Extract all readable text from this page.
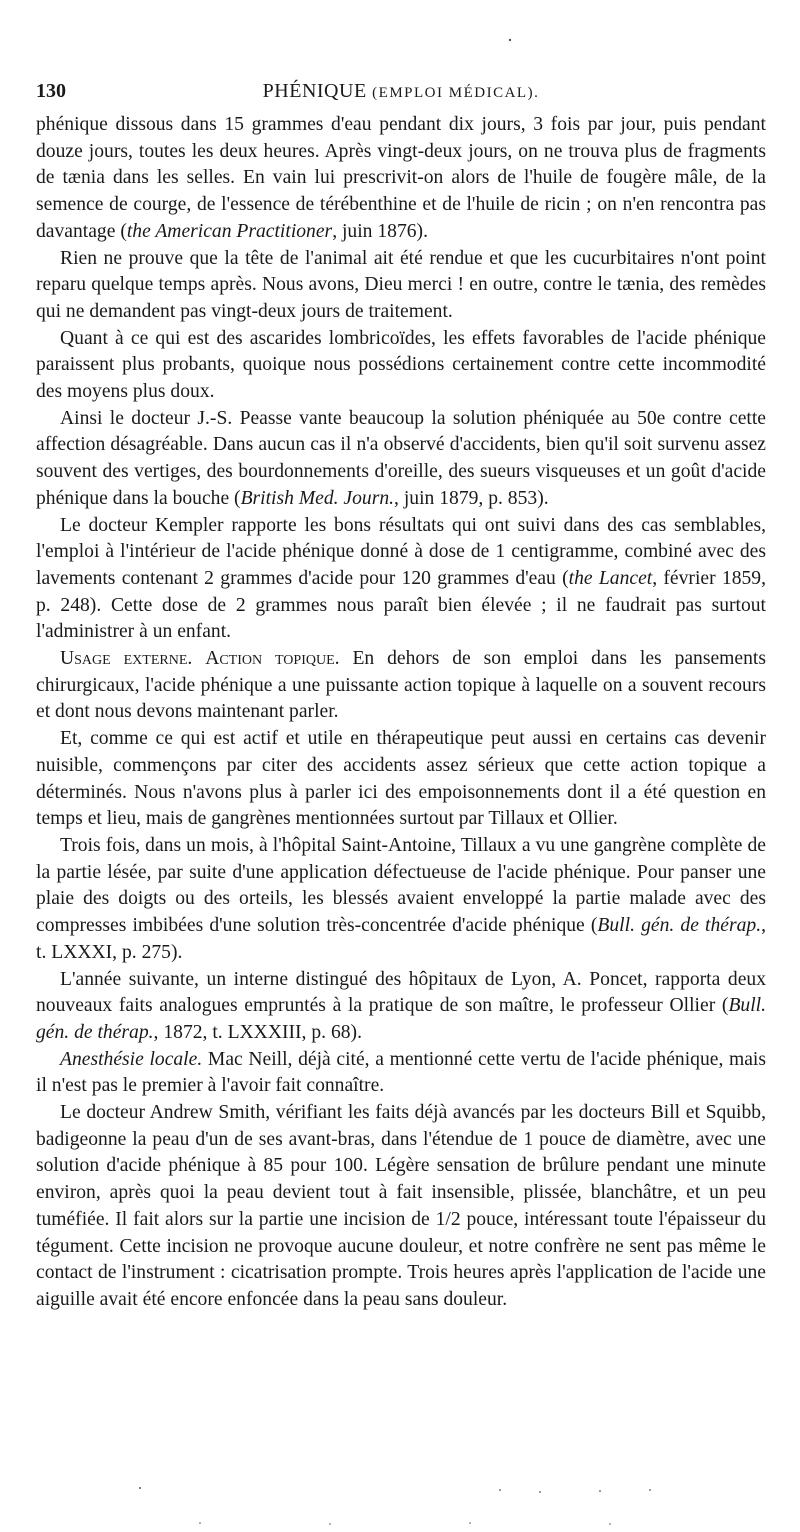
130	PHÉNIQUE (EMPLOI MÉDICAL).

phénique dissous dans 15 grammes d'eau pendant dix jours, 3 fois par jour, puis pendant douze jours, toutes les deux heures. Après vingt-deux jours, on ne trouva plus de fragments de tænia dans les selles. En vain lui prescrivit-on alors de l'huile de fougère mâle, de la semence de courge, de l'essence de térébenthine et de l'huile de ricin ; on n'en rencontra pas davantage (the American Practitioner, juin 1876).

Rien ne prouve que la tête de l'animal ait été rendue et que les cucurbitaires n'ont point reparu quelque temps après. Nous avons, Dieu merci ! en outre, contre le tænia, des remèdes qui ne demandent pas vingt-deux jours de traitement.

Quant à ce qui est des ascarides lombricoïdes, les effets favorables de l'acide phénique paraissent plus probants, quoique nous possédions certainement contre cette incommodité des moyens plus doux.

Ainsi le docteur J.-S. Peasse vante beaucoup la solution phéniquée au 50e contre cette affection désagréable. Dans aucun cas il n'a observé d'accidents, bien qu'il soit survenu assez souvent des vertiges, des bourdonnements d'oreille, des sueurs visqueuses et un goût d'acide phénique dans la bouche (British Med. Journ., juin 1879, p. 853).

Le docteur Kempler rapporte les bons résultats qui ont suivi dans des cas semblables, l'emploi à l'intérieur de l'acide phénique donné à dose de 1 centigramme, combiné avec des lavements contenant 2 grammes d'acide pour 120 grammes d'eau (the Lancet, février 1859, p. 248). Cette dose de 2 grammes nous paraît bien élevée ; il ne faudrait pas surtout l'administrer à un enfant.

Usage externe. Action topique. En dehors de son emploi dans les pansements chirurgicaux, l'acide phénique a une puissante action topique à laquelle on a souvent recours et dont nous devons maintenant parler.

Et, comme ce qui est actif et utile en thérapeutique peut aussi en certains cas devenir nuisible, commençons par citer des accidents assez sérieux que cette action topique a déterminés. Nous n'avons plus à parler ici des empoisonnements dont il a été question en temps et lieu, mais de gangrènes mentionnées surtout par Tillaux et Ollier.

Trois fois, dans un mois, à l'hôpital Saint-Antoine, Tillaux a vu une gangrène complète de la partie lésée, par suite d'une application défectueuse de l'acide phénique. Pour panser une plaie des doigts ou des orteils, les blessés avaient enveloppé la partie malade avec des compresses imbibées d'une solution très-concentrée d'acide phénique (Bull. gén. de thérap., t. LXXXI, p. 275).

L'année suivante, un interne distingué des hôpitaux de Lyon, A. Poncet, rapporta deux nouveaux faits analogues empruntés à la pratique de son maître, le professeur Ollier (Bull. gén. de thérap., 1872, t. LXXXIII, p. 68).

Anesthésie locale. Mac Neill, déjà cité, a mentionné cette vertu de l'acide phénique, mais il n'est pas le premier à l'avoir fait connaître.

Le docteur Andrew Smith, vérifiant les faits déjà avancés par les docteurs Bill et Squibb, badigeonne la peau d'un de ses avant-bras, dans l'étendue de 1 pouce de diamètre, avec une solution d'acide phénique à 85 pour 100. Légère sensation de brûlure pendant une minute environ, après quoi la peau devient tout à fait insensible, plissée, blanchâtre, et un peu tuméfiée. Il fait alors sur la partie une incision de 1/2 pouce, intéressant toute l'épaisseur du tégument. Cette incision ne provoque aucune douleur, et notre confrère ne sent pas même le contact de l'instrument : cicatrisation prompte. Trois heures après l'application de l'acide une aiguille avait été encore enfoncée dans la peau sans douleur.
